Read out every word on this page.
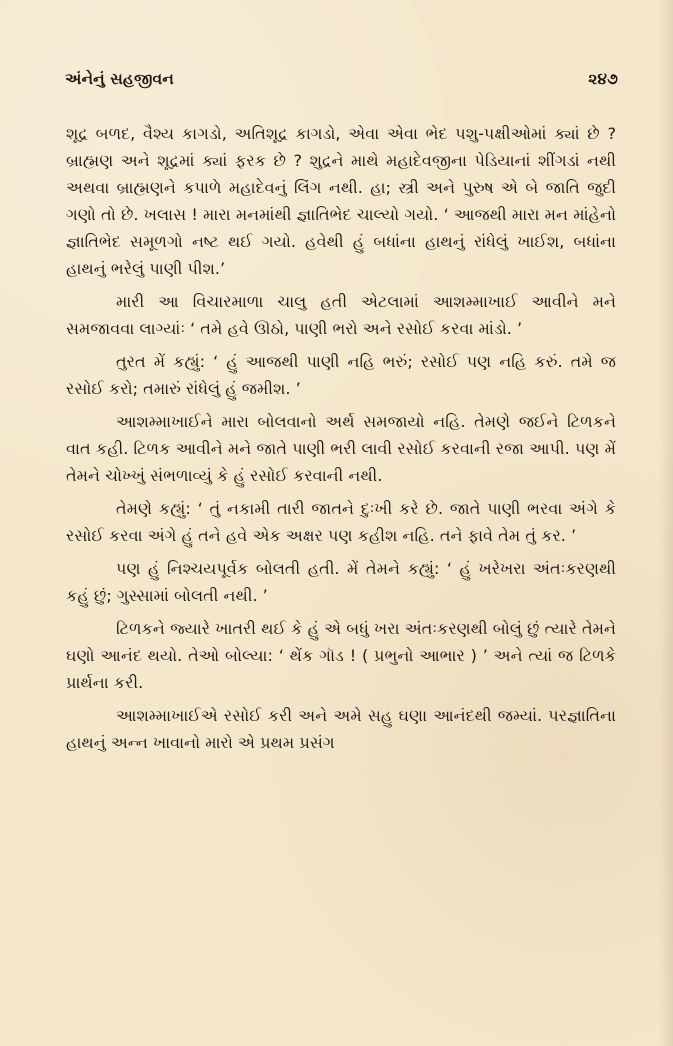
અંનેનું સહજીવન	૨૪૭

શૂદ્ર બળદ, વૈશ્ય કાગડો, અતિશૂદ્ર કાગડો, એવા એવા ભેદ પશુ-પક્ષીઓમાં ક્યાં છે ? બ્રાહ્મણ અને શૂદ્રમાં ક્યાં ફરક છે ? શુદ્રને માથે મહાદેવજીના પેડિયાનાં શીંગડાં નથી અથવા બ્રાહ્મણને કપાળે મહાદેવનું લિંગ નથી. હા; સ્ત્રી અને પુરુષ એ બે જાતિ જુદી ગણો તો છે. ખલાસ ! મારા મનમાંથી જ્ઞાતિભેદ ચાલ્યો ગયો. ‘ આજથી મારા મન માંહેનો જ્ઞાતિભેદ સમૂળગો નષ્ટ થઈ ગયો. હવેથી હું બધાંના હાથનું રાંધેલું ખાઈશ, બધાંના હાથનું ભરેલું પાણી પીશ.’

મારી આ વિચારમાળા ચાલુ હતી એટલામાં આશમ્માખાઈ આવીને મને સમજાવવા લાગ્યાંઃ ‘ તમે હવે ઊઠો, પાણી ભરો અને રસોઈ કરવા માંડો. ’

તુરત મેં કહ્યું: ‘ હું આજથી પાણી નહિ ભરું; રસોઈ પણ નહિ કરું. તમે જ રસોઈ કરો; તમારું રાંધેલું હું જમીશ. ’

આશમ્માખાઈને મારા બોલવાનો અર્થ સમજાયો નહિ. તેમણે જઈને ટિળકને વાત કહી. ટિળક આવીને મને જાતે પાણી ભરી લાવી રસોઈ કરવાની રજા આપી. પણ મેં તેમને ચોખ્ખું સંભળાવ્યું કે હું રસોઈ કરવાની નથી.

તેમણે કહ્યું: ‘ તું નકામી તારી જાતને દુઃખી કરે છે. જાતે પાણી ભરવા અંગે કે રસોઈ કરવા અંગે હું તને હવે એક અક્ષર પણ કહીશ નહિ. તને ફાવે તેમ તું કર. ’

પણ હું નિશ્ચયપૂર્વક બોલતી હતી. મેં તેમને કહ્યું: ‘ હું ખરેખરા અંતઃકરણથી કહું છું; ગુસ્સામાં બોલતી નથી. ’

ટિળકને જ્યારે ખાતરી થઈ કે હું એ બધું ખરા અંતઃકરણથી બોલું છું ત્યારે તેમને ઘણો આનંદ થયો. તેઓ બોલ્યા: ‘ થેંક ગૉડ ! ( પ્રભુનો આભાર ) ’ અને ત્યાં જ ટિળકે પ્રાર્થના કરી.

આશમ્માખાઈએ રસોઈ કરી અને અમે સહુ ઘણા આનંદથી જમ્યાં. પરજ્ઞાતિના હાથનું અન્ન ખાવાનો મારો એ પ્રથમ પ્રસંગ
